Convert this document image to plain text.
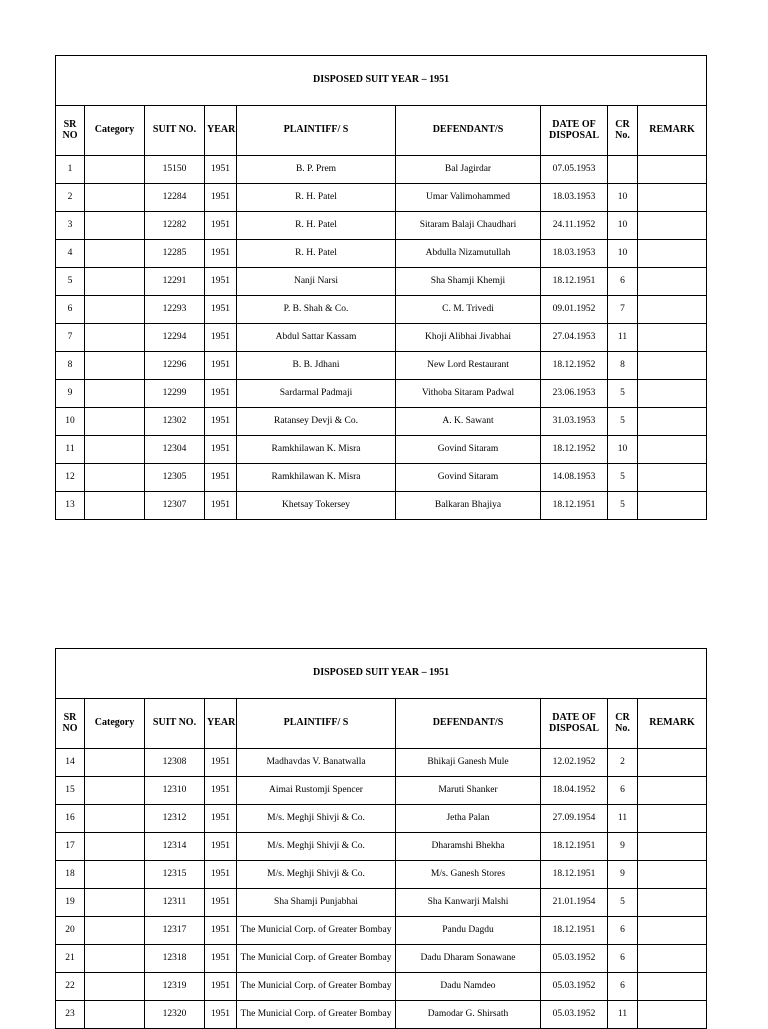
DISPOSED SUIT YEAR – 1951								
SR NO	Category	SUIT NO.	YEAR	PLAINTIFF/ S	DEFENDANT/S	DATE OF DISPOSAL	CR No.	REMARK
1		15150	1951	B. P. Prem	Bal Jagirdar	07.05.1953		
2		12284	1951	R. H. Patel	Umar Valimohammed	18.03.1953	10	
3		12282	1951	R. H. Patel	Sitaram Balaji Chaudhari	24.11.1952	10	
4		12285	1951	R. H. Patel	Abdulla Nizamutullah	18.03.1953	10	
5		12291	1951	Nanji Narsi	Sha Shamji Khemji	18.12.1951	6	
6		12293	1951	P. B. Shah & Co.	C. M. Trivedi	09.01.1952	7	
7		12294	1951	Abdul Sattar Kassam	Khoji Alibhai Jivabhai	27.04.1953	11	
8		12296	1951	B. B. Jdhani	New Lord Restaurant	18.12.1952	8	
9		12299	1951	Sardarmal Padmaji	Vithoba Sitaram Padwal	23.06.1953	5	
10		12302	1951	Ratansey Devji & Co.	A. K. Sawant	31.03.1953	5	
11		12304	1951	Ramkhilawan K. Misra	Govind Sitaram	18.12.1952	10	
12		12305	1951	Ramkhilawan K. Misra	Govind Sitaram	14.08.1953	5	
13		12307	1951	Khetsay Tokersey	Balkaran Bhajiya	18.12.1951	5	
DISPOSED SUIT YEAR – 1951								
SR NO	Category	SUIT NO.	YEAR	PLAINTIFF/ S	DEFENDANT/S	DATE OF DISPOSAL	CR No.	REMARK
14		12308	1951	Madhavdas V. Banatwalla	Bhikaji Ganesh Mule	12.02.1952	2	
15		12310	1951	Aimai Rustomji Spencer	Maruti Shanker	18.04.1952	6	
16		12312	1951	M/s. Meghji Shivji & Co.	Jetha Palan	27.09.1954	11	
17		12314	1951	M/s. Meghji Shivji & Co.	Dharamshi Bhekha	18.12.1951	9	
18		12315	1951	M/s. Meghji Shivji & Co.	M/s. Ganesh Stores	18.12.1951	9	
19		12311	1951	Sha Shamji Punjabhai	Sha Kanwarji Malshi	21.01.1954	5	
20		12317	1951	The Municial Corp. of Greater Bombay	Pandu Dagdu	18.12.1951	6	
21		12318	1951	The Municial Corp. of Greater Bombay	Dadu Dharam Sonawane	05.03.1952	6	
22		12319	1951	The Municial Corp. of Greater Bombay	Dadu Namdeo	05.03.1952	6	
23		12320	1951	The Municial Corp. of Greater Bombay	Damodar G. Shirsath	05.03.1952	11	
